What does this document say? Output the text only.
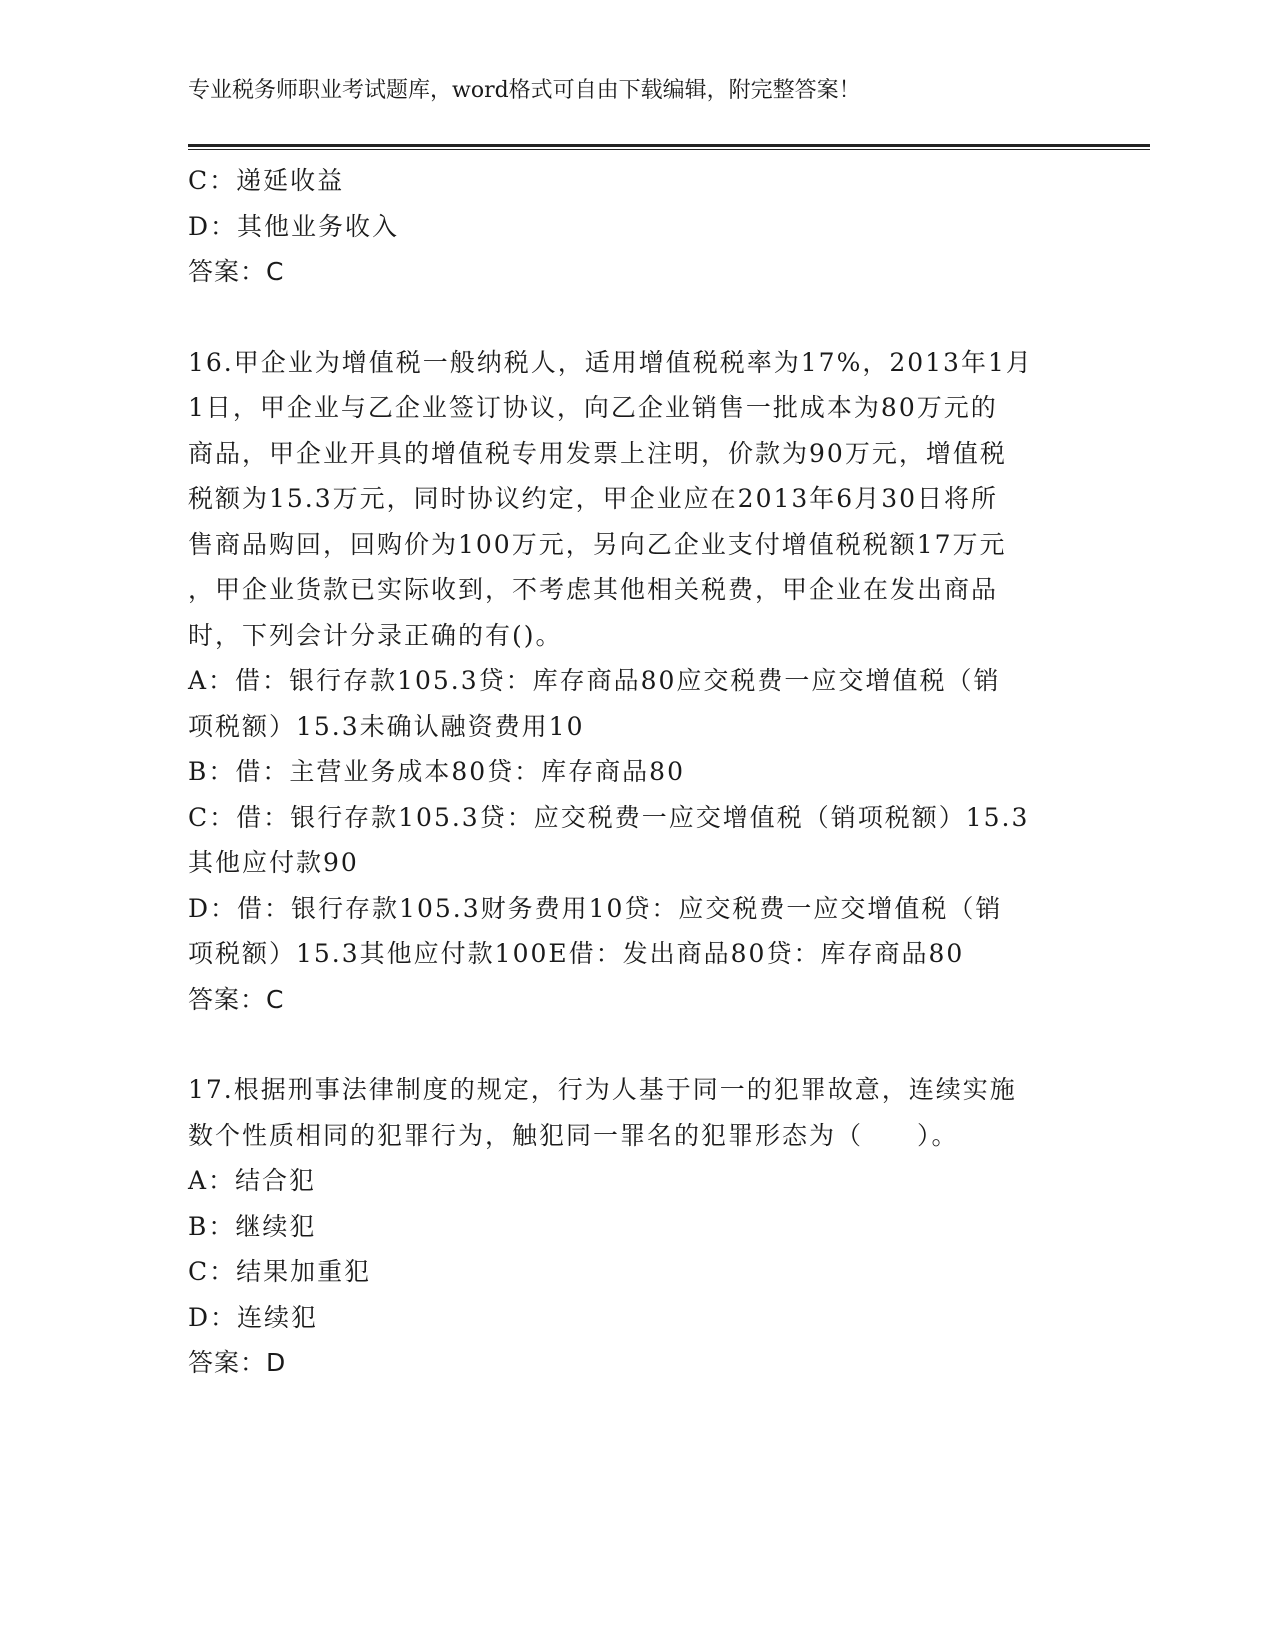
专业税务师职业考试题库，word格式可自由下载编辑，附完整答案！

C：递延收益

D：其他业务收入

答案：C

16.甲企业为增值税一般纳税人，适用增值税税率为17%，2013年1月

1日，甲企业与乙企业签订协议，向乙企业销售一批成本为80万元的

商品，甲企业开具的增值税专用发票上注明，价款为90万元，增值税

税额为15.3万元，同时协议约定，甲企业应在2013年6月30日将所

售商品购回，回购价为100万元，另向乙企业支付增值税税额17万元

，甲企业货款已实际收到，不考虑其他相关税费，甲企业在发出商品

时，下列会计分录正确的有()。

A：借：银行存款105.3贷：库存商品80应交税费一应交增值税（销

项税额）15.3未确认融资费用10

B：借：主营业务成本80贷：库存商品80

C：借：银行存款105.3贷：应交税费一应交增值税（销项税额）15.3

其他应付款90

D：借：银行存款105.3财务费用10贷：应交税费一应交增值税（销

项税额）15.3其他应付款100E借：发出商品80贷：库存商品80

答案：C

17.根据刑事法律制度的规定，行为人基于同一的犯罪故意，连续实施

数个性质相同的犯罪行为，触犯同一罪名的犯罪形态为（　　）。

A：结合犯

B：继续犯

C：结果加重犯

D：连续犯

答案：D
